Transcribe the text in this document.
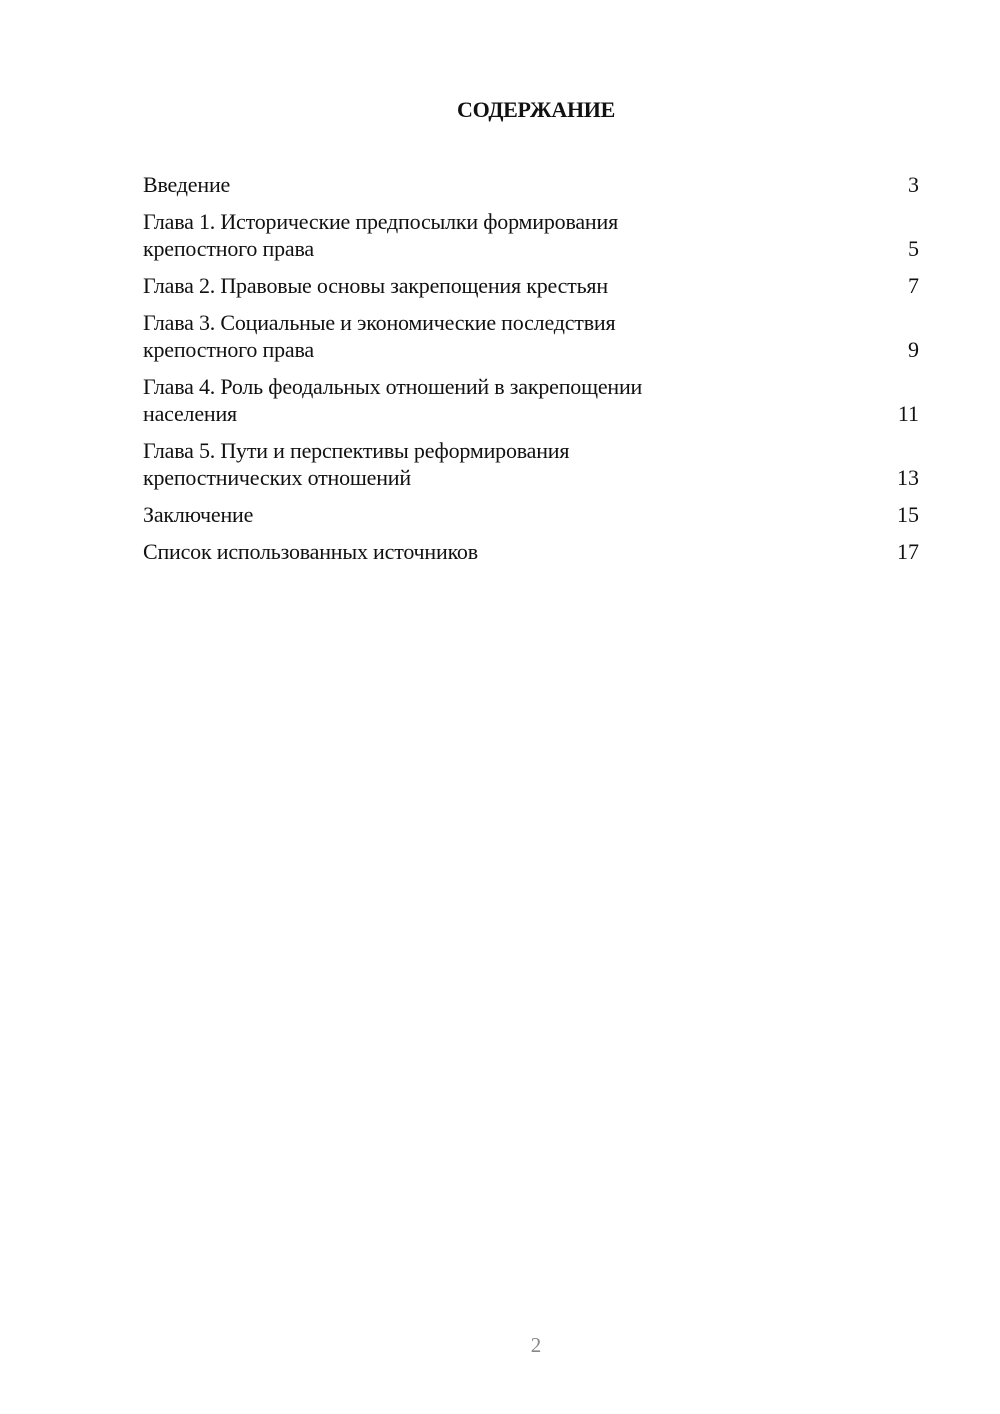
СОДЕРЖАНИЕ
Введение	3
Глава 1. Исторические предпосылки формирования крепостного права	5
Глава 2. Правовые основы закрепощения крестьян	7
Глава 3. Социальные и экономические последствия крепостного права	9
Глава 4. Роль феодальных отношений в закрепощении населения	11
Глава 5. Пути и перспективы реформирования крепостнических отношений	13
Заключение	15
Список использованных источников	17
2
